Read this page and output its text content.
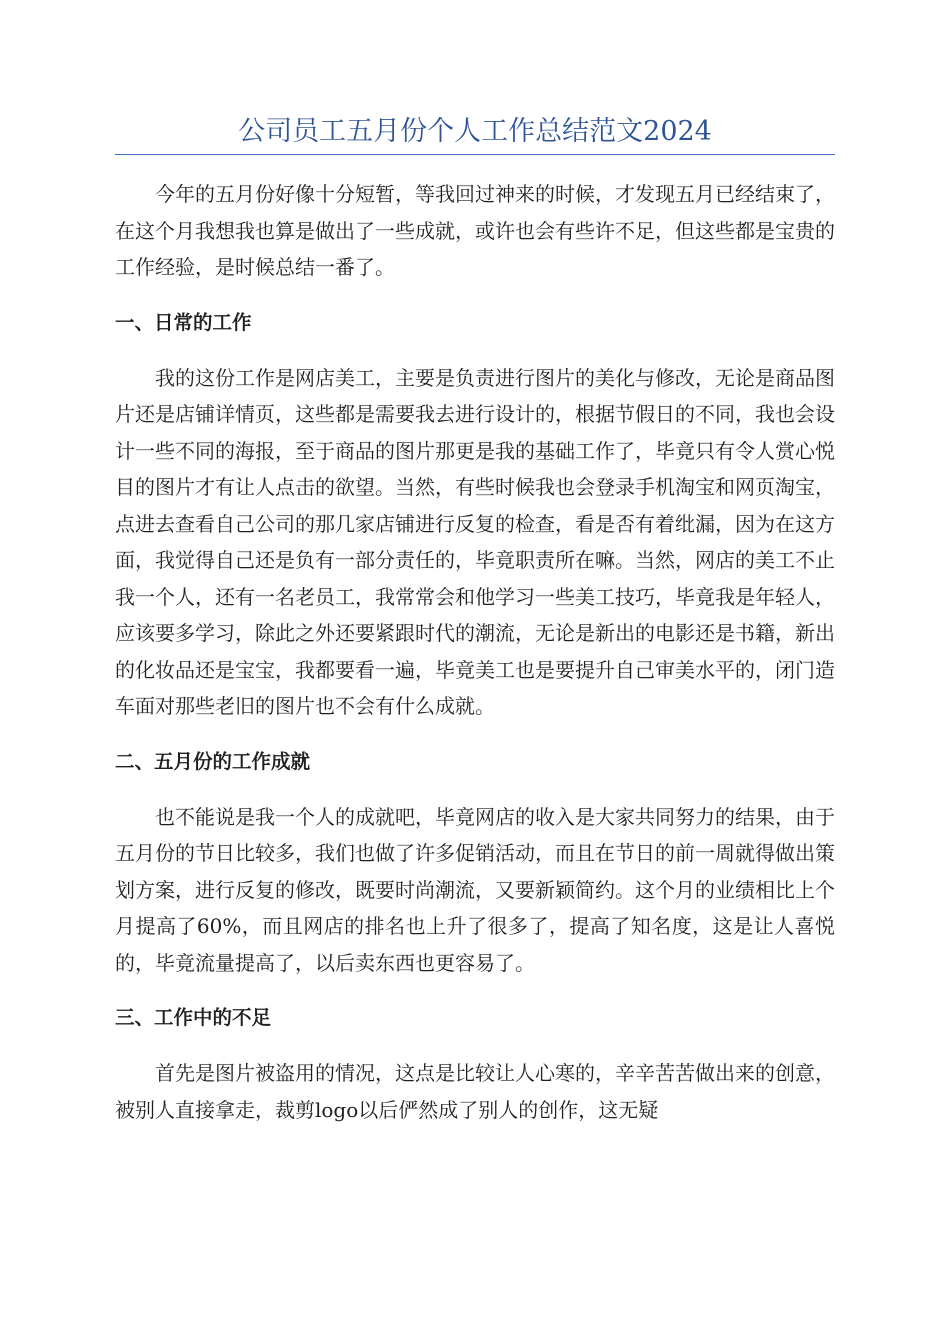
公司员工五月份个人工作总结范文2024

今年的五月份好像十分短暂，等我回过神来的时候，才发现五月已经结束了，在这个月我想我也算是做出了一些成就，或许也会有些许不足，但这些都是宝贵的工作经验，是时候总结一番了。

一、日常的工作

我的这份工作是网店美工，主要是负责进行图片的美化与修改，无论是商品图片还是店铺详情页，这些都是需要我去进行设计的，根据节假日的不同，我也会设计一些不同的海报，至于商品的图片那更是我的基础工作了，毕竟只有令人赏心悦目的图片才有让人点击的欲望。当然，有些时候我也会登录手机淘宝和网页淘宝，点进去查看自己公司的那几家店铺进行反复的检查，看是否有着纰漏，因为在这方面，我觉得自己还是负有一部分责任的，毕竟职责所在嘛。当然，网店的美工不止我一个人，还有一名老员工，我常常会和他学习一些美工技巧，毕竟我是年轻人，应该要多学习，除此之外还要紧跟时代的潮流，无论是新出的电影还是书籍，新出的化妆品还是宝宝，我都要看一遍，毕竟美工也是要提升自己审美水平的，闭门造车面对那些老旧的图片也不会有什么成就。

二、五月份的工作成就

也不能说是我一个人的成就吧，毕竟网店的收入是大家共同努力的结果，由于五月份的节日比较多，我们也做了许多促销活动，而且在节日的前一周就得做出策划方案，进行反复的修改，既要时尚潮流，又要新颖简约。这个月的业绩相比上个月提高了60%，而且网店的排名也上升了很多了，提高了知名度，这是让人喜悦的，毕竟流量提高了，以后卖东西也更容易了。

三、工作中的不足

首先是图片被盗用的情况，这点是比较让人心寒的，辛辛苦苦做出来的创意，被别人直接拿走，裁剪logo以后俨然成了别人的创作，这无疑
